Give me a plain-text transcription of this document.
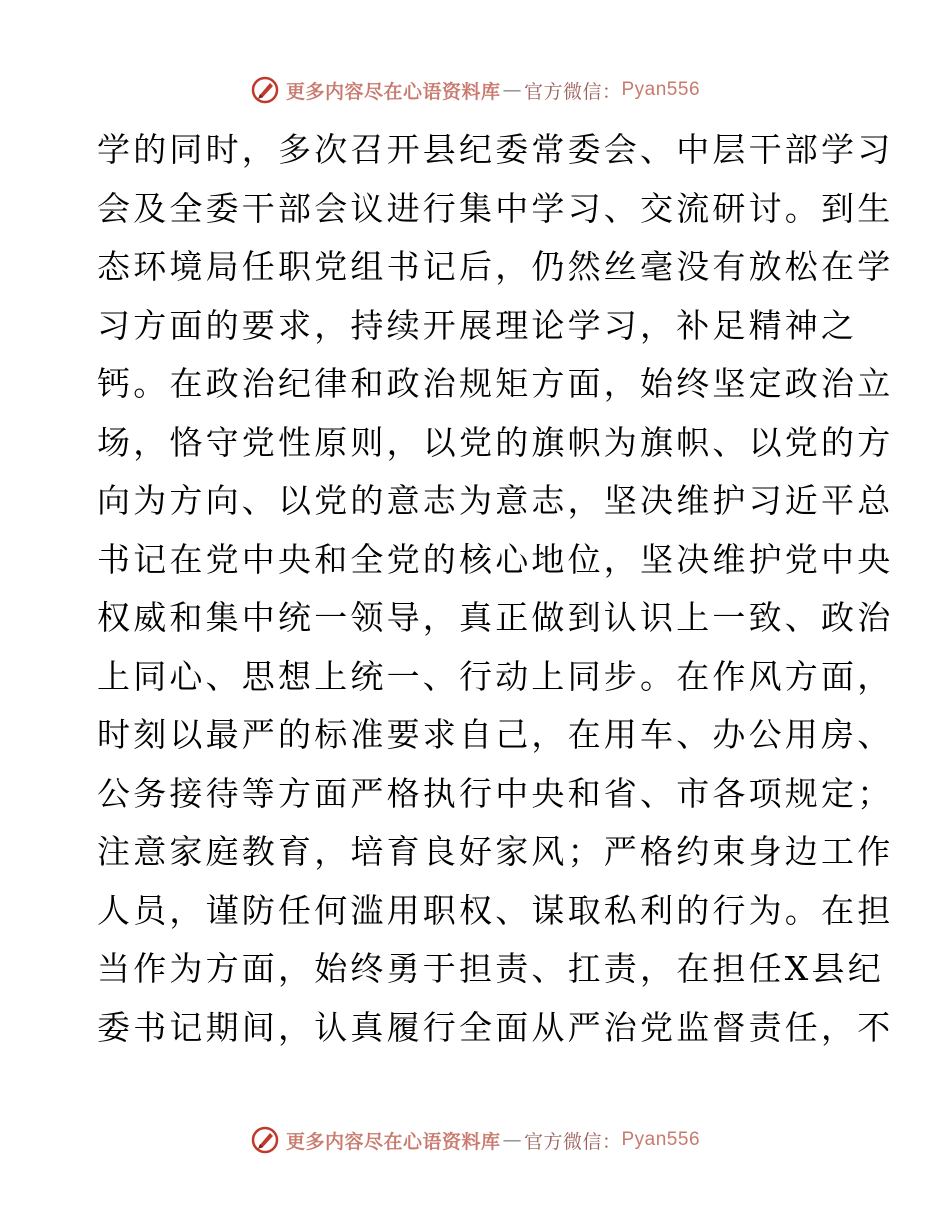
更多内容尽在心语资料库 — 官方微信： Pyan556
学的同时，多次召开县纪委常委会、中层干部学习
会及全委干部会议进行集中学习、交流研讨。到生
态环境局任职党组书记后，仍然丝毫没有放松在学
习方面的要求，持续开展理论学习，补足精神之
钙。在政治纪律和政治规矩方面，始终坚定政治立
场，恪守党性原则，以党的旗帜为旗帜、以党的方
向为方向、以党的意志为意志，坚决维护习近平总
书记在党中央和全党的核心地位，坚决维护党中央
权威和集中统一领导，真正做到认识上一致、政治
上同心、思想上统一、行动上同步。在作风方面，
时刻以最严的标准要求自己，在用车、办公用房、
公务接待等方面严格执行中央和省、市各项规定；
注意家庭教育，培育良好家风；严格约束身边工作
人员，谨防任何滥用职权、谋取私利的行为。在担
当作为方面，始终勇于担责、扛责，在担任X县纪
委书记期间，认真履行全面从严治党监督责任，不
更多内容尽在心语资料库 — 官方微信： Pyan556
